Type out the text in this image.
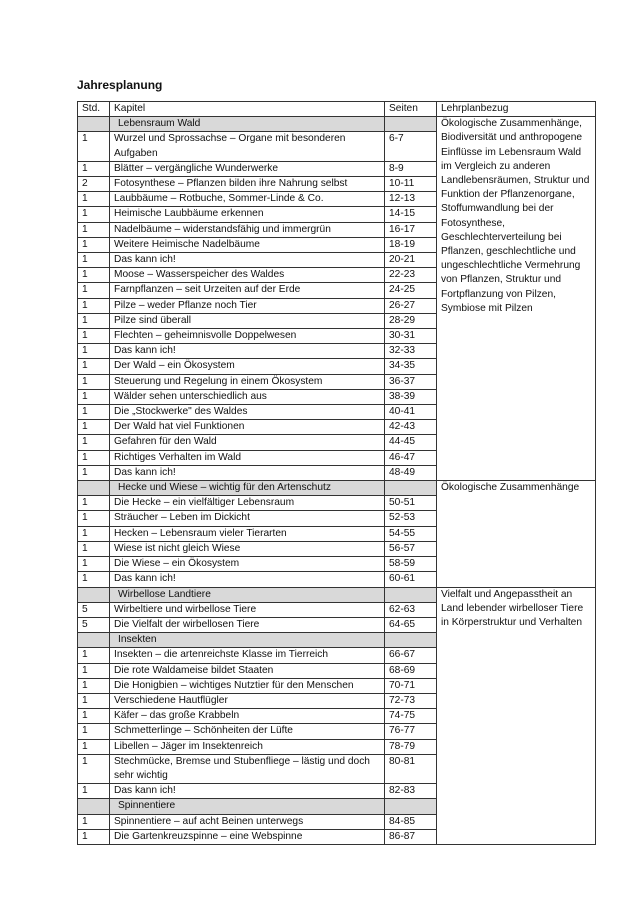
Jahresplanung
Std.	Kapitel	Seiten	Lehrplanbezug
	Lebensraum Wald		Ökologische Zusammenhänge, Biodiversität und anthropogene Einflüsse im Lebensraum Wald im Vergleich zu anderen Landlebensräumen, Struktur und Funktion der Pflanzenorgane, Stoffumwandlung bei der Fotosynthese, Geschlechterverteilung bei Pflanzen, geschlechtliche und ungeschlechtliche Vermehrung von Pflanzen, Struktur und Fortpflanzung von Pilzen, Symbiose mit Pilzen
1	Wurzel und Sprossachse – Organe mit besonderen Aufgaben	6-7	
1	Blätter – vergängliche Wunderwerke	8-9	
2	Fotosynthese – Pflanzen bilden ihre Nahrung selbst	10-11	
1	Laubbäume – Rotbuche, Sommer-Linde & Co.	12-13	
1	Heimische Laubbäume erkennen	14-15	
1	Nadelbäume – widerstandsfähig und immergrün	16-17	
1	Weitere Heimische Nadelbäume	18-19	
1	Das kann ich!	20-21	
1	Moose – Wasserspeicher des Waldes	22-23	
1	Farnpflanzen – seit Urzeiten auf der Erde	24-25	
1	Pilze – weder Pflanze noch Tier	26-27	
1	Pilze sind überall	28-29	
1	Flechten – geheimnisvolle Doppelwesen	30-31	
1	Das kann ich!	32-33	
1	Der Wald – ein Ökosystem	34-35	
1	Steuerung und Regelung in einem Ökosystem	36-37	
1	Wälder sehen unterschiedlich aus	38-39	
1	Die „Stockwerke" des Waldes	40-41	
1	Der Wald hat viel Funktionen	42-43	
1	Gefahren für den Wald	44-45	
1	Richtiges Verhalten im Wald	46-47	
1	Das kann ich!	48-49	
	Hecke und Wiese – wichtig für den Artenschutz		Ökologische Zusammenhänge
1	Die Hecke – ein vielfältiger Lebensraum	50-51	
1	Sträucher – Leben im Dickicht	52-53	
1	Hecken – Lebensraum vieler Tierarten	54-55	
1	Wiese ist nicht gleich Wiese	56-57	
1	Die Wiese – ein Ökosystem	58-59	
1	Das kann ich!	60-61	
	Wirbellose Landtiere		Vielfalt und Angepasstheit an Land lebender wirbelloser Tiere in Körperstruktur und Verhalten
5	Wirbeltiere und wirbellose Tiere	62-63	
5	Die Vielfalt der wirbellosen Tiere	64-65	
	Insekten		
1	Insekten – die artenreichste Klasse im Tierreich	66-67	
1	Die rote Waldameise bildet Staaten	68-69	
1	Die Honigbien – wichtiges Nutztier für den Menschen	70-71	
1	Verschiedene Hautflügler	72-73	
1	Käfer – das große Krabbeln	74-75	
1	Schmetterlinge – Schönheiten der Lüfte	76-77	
1	Libellen – Jäger im Insektenreich	78-79	
1	Stechmücke, Bremse und Stubenfliege – lästig und doch sehr wichtig	80-81	
1	Das kann ich!	82-83	
	Spinnentiere		
1	Spinnentiere – auf acht Beinen unterwegs	84-85	
1	Die Gartenkreuzspinne – eine Webspinne	86-87	
